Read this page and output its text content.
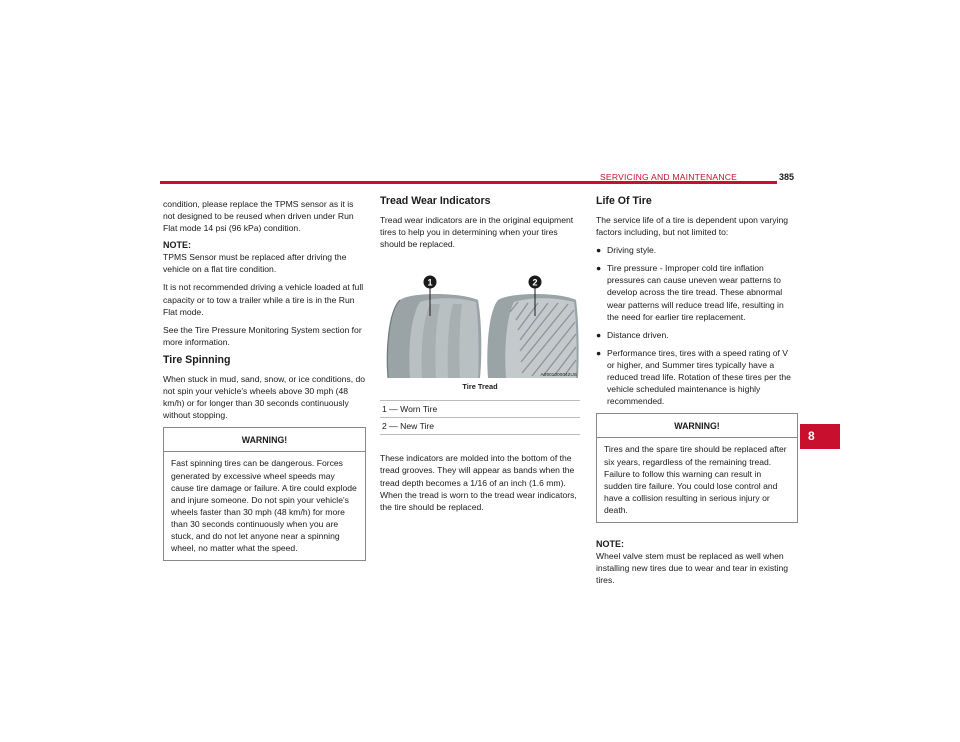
SERVICING AND MAINTENANCE	385

condition, please replace the TPMS sensor as it is not designed to be reused when driven under Run Flat mode 14 psi (96 kPa) condition.

NOTE:

TPMS Sensor must be replaced after driving the vehicle on a flat tire condition.

It is not recommended driving a vehicle loaded at full capacity or to tow a trailer while a tire is in the Run Flat mode.

See the Tire Pressure Monitoring System section for more information.

Tire Spinning

When stuck in mud, sand, snow, or ice conditions, do not spin your vehicle's wheels above 30 mph (48 km/h) or for longer than 30 seconds continuously without stopping.

WARNING!
Fast spinning tires can be dangerous. Forces generated by excessive wheel speeds may cause tire damage or failure. A tire could explode and injure someone. Do not spin your vehicle's wheels faster than 30 mph (48 km/h) for more than 30 seconds continuously when you are stuck, and do not let anyone near a spinning wheel, no matter what the speed.
Tread Wear Indicators

Tread wear indicators are in the original equipment tires to help you in determining when your tires should be replaced.

1	2
A0901000042US
Tire Tread
1 — Worn Tire
2 — New Tire

These indicators are molded into the bottom of the tread grooves. They will appear as bands when the tread depth becomes a 1/16 of an inch (1.6 mm). When the tread is worn to the tread wear indicators, the tire should be replaced.

Life Of Tire

The service life of a tire is dependent upon varying factors including, but not limited to:

● Driving style.
● Tire pressure - Improper cold tire inflation pressures can cause uneven wear patterns to develop across the tire tread. These abnormal wear patterns will reduce tread life, resulting in the need for earlier tire replacement.
● Distance driven.
● Performance tires, tires with a speed rating of V or higher, and Summer tires typically have a reduced tread life. Rotation of these tires per the vehicle scheduled maintenance is highly recommended.
WARNING!
Tires and the spare tire should be replaced after six years, regardless of the remaining tread. Failure to follow this warning can result in sudden tire failure. You could lose control and have a collision resulting in serious injury or death.
NOTE:

Wheel valve stem must be replaced as well when installing new tires due to wear and tear in existing tires.

8
